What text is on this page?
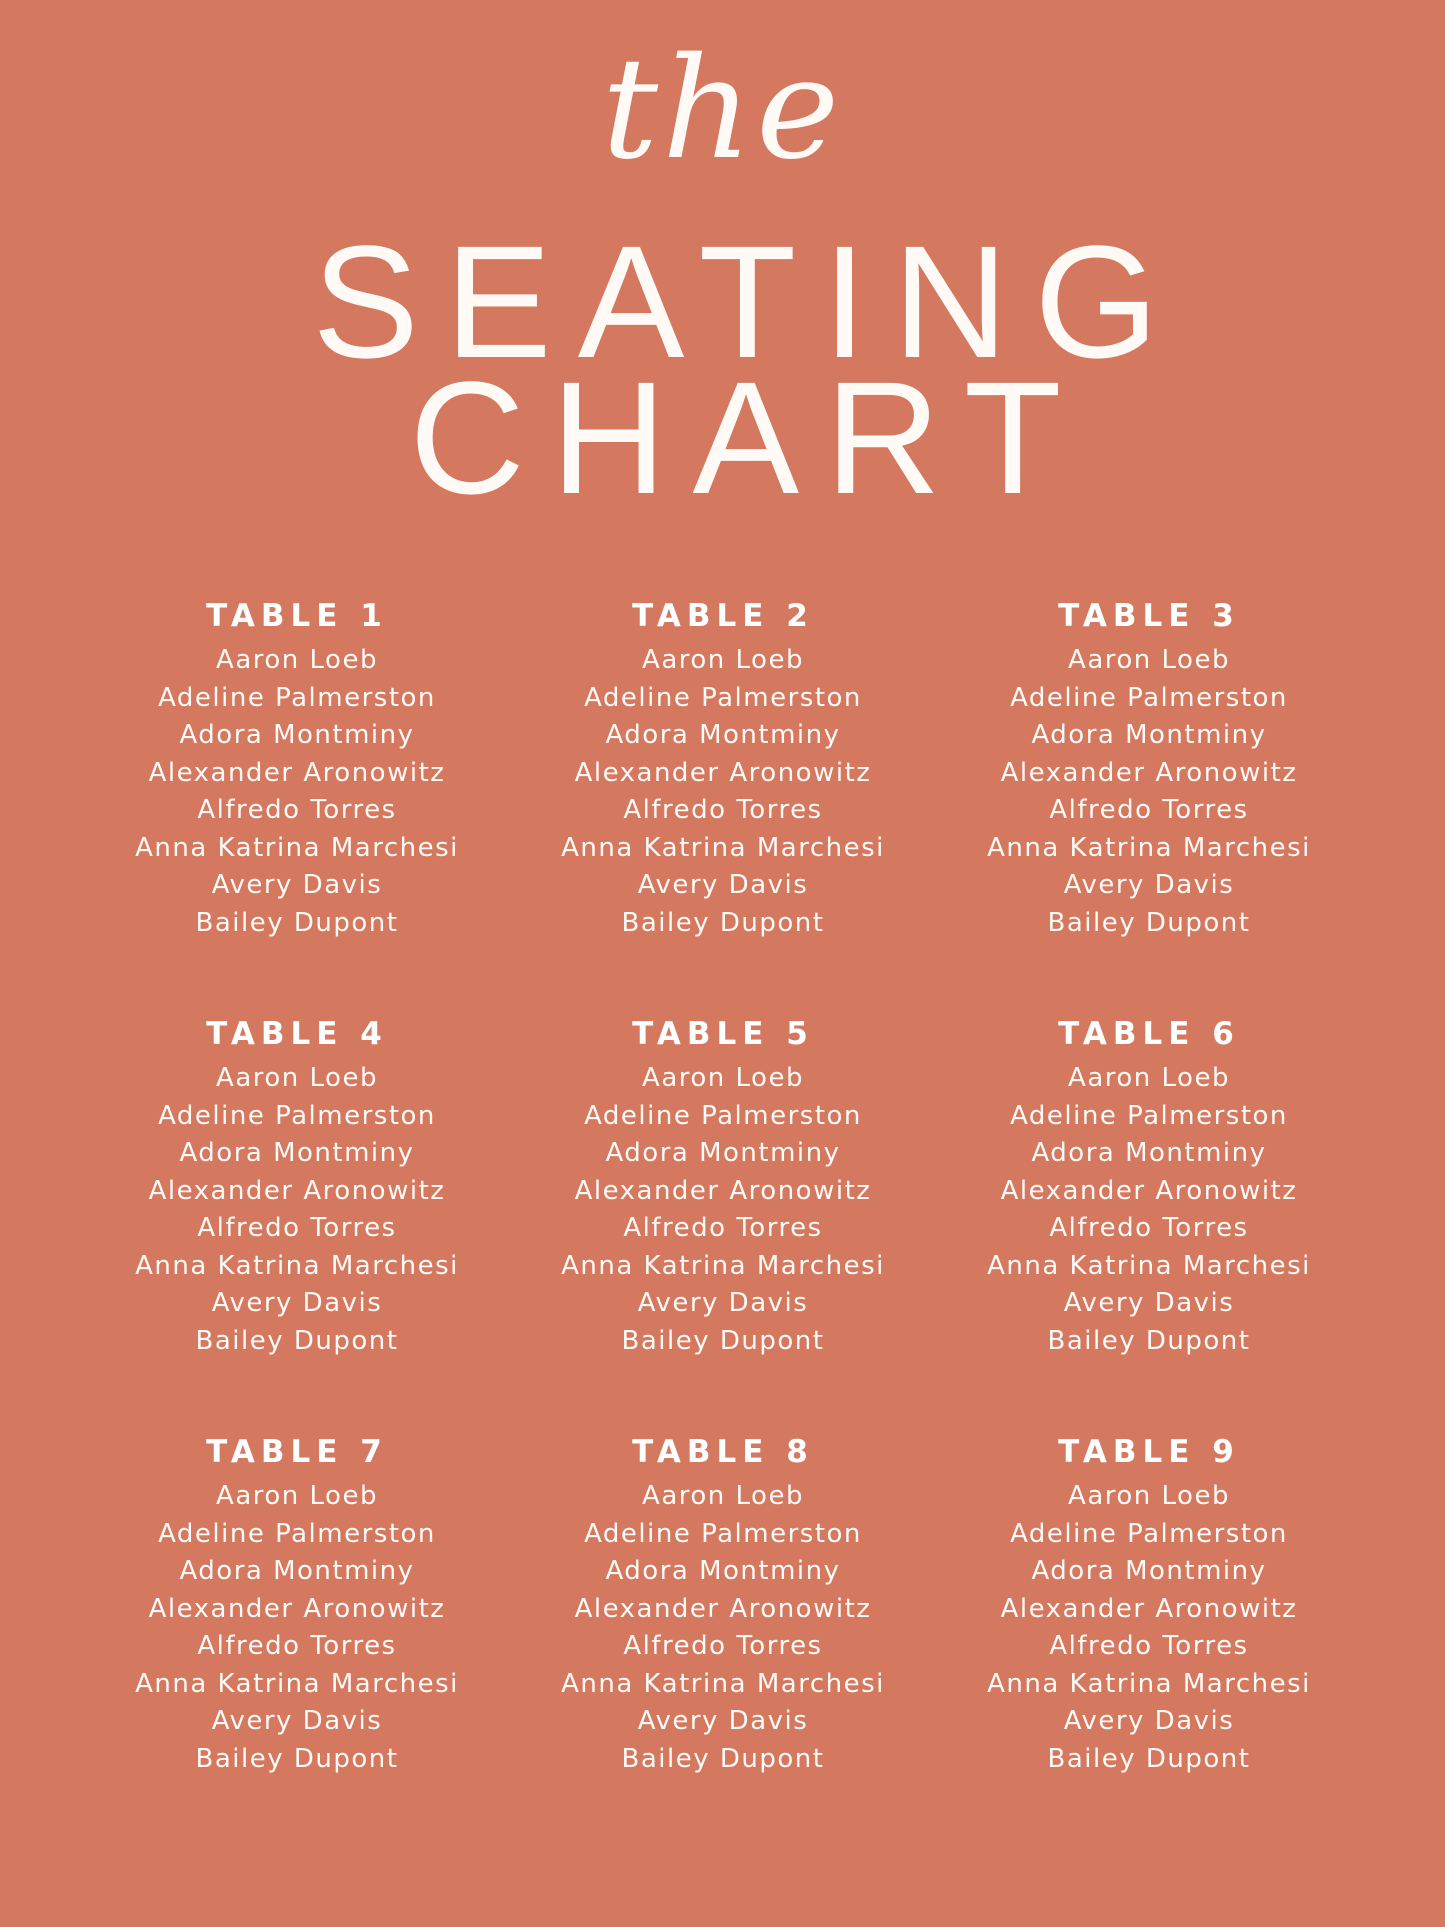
the
SEATING
CHART
TABLE 1
Aaron Loeb
Adeline Palmerston
Adora Montminy
Alexander Aronowitz
Alfredo Torres
Anna Katrina Marchesi
Avery Davis
Bailey Dupont
TABLE 2
Aaron Loeb
Adeline Palmerston
Adora Montminy
Alexander Aronowitz
Alfredo Torres
Anna Katrina Marchesi
Avery Davis
Bailey Dupont
TABLE 3
Aaron Loeb
Adeline Palmerston
Adora Montminy
Alexander Aronowitz
Alfredo Torres
Anna Katrina Marchesi
Avery Davis
Bailey Dupont
TABLE 4
Aaron Loeb
Adeline Palmerston
Adora Montminy
Alexander Aronowitz
Alfredo Torres
Anna Katrina Marchesi
Avery Davis
Bailey Dupont
TABLE 5
Aaron Loeb
Adeline Palmerston
Adora Montminy
Alexander Aronowitz
Alfredo Torres
Anna Katrina Marchesi
Avery Davis
Bailey Dupont
TABLE 6
Aaron Loeb
Adeline Palmerston
Adora Montminy
Alexander Aronowitz
Alfredo Torres
Anna Katrina Marchesi
Avery Davis
Bailey Dupont
TABLE 7
Aaron Loeb
Adeline Palmerston
Adora Montminy
Alexander Aronowitz
Alfredo Torres
Anna Katrina Marchesi
Avery Davis
Bailey Dupont
TABLE 8
Aaron Loeb
Adeline Palmerston
Adora Montminy
Alexander Aronowitz
Alfredo Torres
Anna Katrina Marchesi
Avery Davis
Bailey Dupont
TABLE 9
Aaron Loeb
Adeline Palmerston
Adora Montminy
Alexander Aronowitz
Alfredo Torres
Anna Katrina Marchesi
Avery Davis
Bailey Dupont
